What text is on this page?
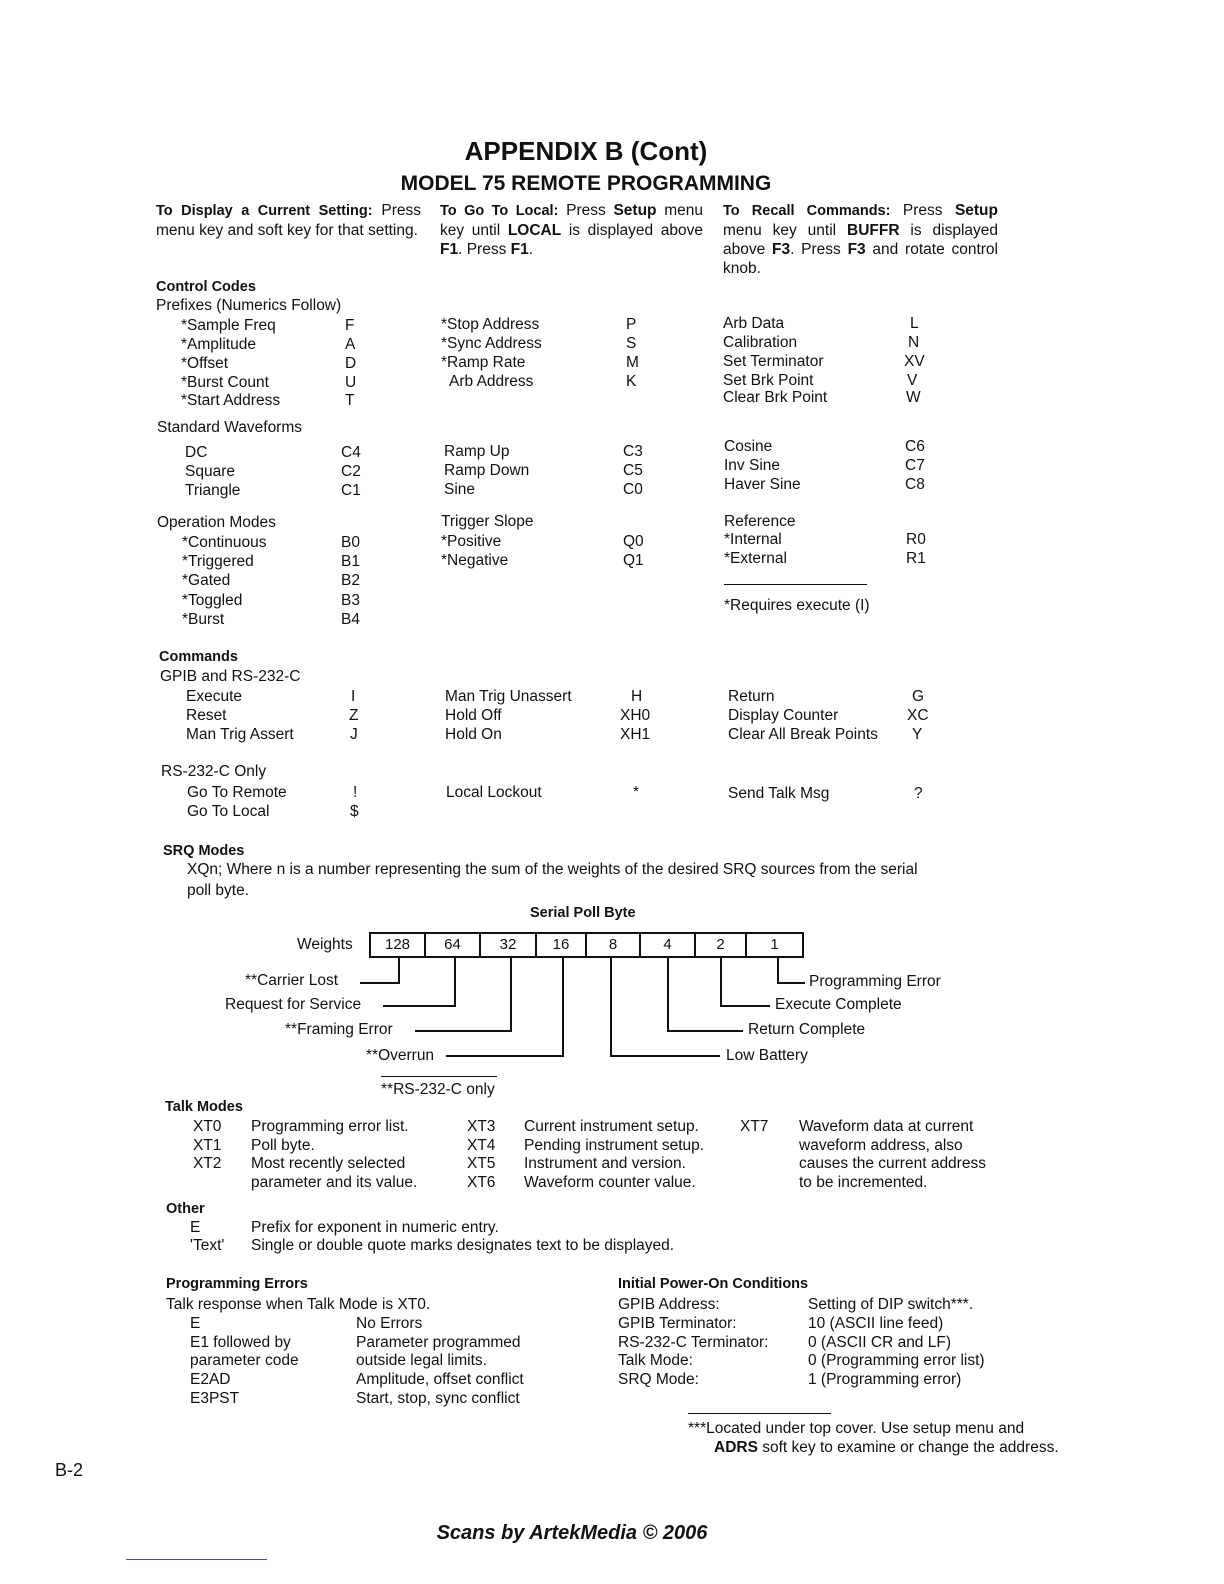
APPENDIX B (Cont)
MODEL 75 REMOTE PROGRAMMING
To Display a Current Setting: Press menu key and soft key for that setting.
To Go To Local: Press Setup menu key until LOCAL is displayed above F1. Press F1.
To Recall Commands: Press Setup menu key until BUFFR is displayed above F3. Press F3 and rotate control knob.
Control Codes
Prefixes (Numerics Follow)
*Sample Freq	F
*Amplitude	A
*Offset	D
*Burst Count	U
*Start Address	T
*Stop Address	P
*Sync Address	S
*Ramp Rate	M
Arb Address	K
Arb Data	L
Calibration	N
Set Terminator	XV
Set Brk Point	V
Clear Brk Point	W
Standard Waveforms
DC	C4
Square	C2
Triangle	C1
Ramp Up	C3
Ramp Down	C5
Sine	C0
Cosine	C6
Inv Sine	C7
Haver Sine	C8
Operation Modes
*Continuous	B0
*Triggered	B1
*Gated	B2
*Toggled	B3
*Burst	B4
Trigger Slope
*Positive	Q0
*Negative	Q1
Reference
*Internal	R0
*External	R1
*Requires execute (I)
Commands
GPIB and RS-232-C
Execute	I
Reset	Z
Man Trig Assert	J
Man Trig Unassert	H
Hold Off	XH0
Hold On	XH1
Return	G
Display Counter	XC
Clear All Break Points Y
RS-232-C Only
Go To Remote	!
Go To Local	$
Local Lockout	*	Send Talk Msg	?
SRQ Modes
XQn; Where n is a number representing the sum of the weights of the desired SRQ sources from the serial
poll byte.
Serial Poll Byte
Weights	128	64	32	16	8	4	2	1
**Carrier Lost
Request for Service
**Framing Error
**Overrun
Programming Error
Execute Complete
Return Complete
Low Battery
**RS-232-C only
Talk Modes
XT0 Programming error list.
XT1 Poll byte.
XT2 Most recently selected
parameter and its value.
XT3 Current instrument setup.
XT4 Pending instrument setup.
XT5 Instrument and version.
XT6 Waveform counter value.
XT7 Waveform data at current
waveform address, also
causes the current address
to be incremented.
Other
E	Prefix for exponent in numeric entry.
'Text' Single or double quote marks designates text to be displayed.
Programming Errors
Talk response when Talk Mode is XT0.
E	No Errors
E1 followed by	Parameter programmed
parameter code	outside legal limits.
E2AD	Amplitude, offset conflict
E3PST	Start, stop, sync conflict
Initial Power-On Conditions
GPIB Address:	Setting of DIP switch***.
GPIB Terminator:	10 (ASCII line feed)
RS-232-C Terminator:	0 (ASCII CR and LF)
Talk Mode:	0 (Programming error list)
SRQ Mode:	1 (Programming error)
***Located under top cover. Use setup menu and
ADRS soft key to examine or change the address.
B-2
Scans by ArtekMedia © 2006
